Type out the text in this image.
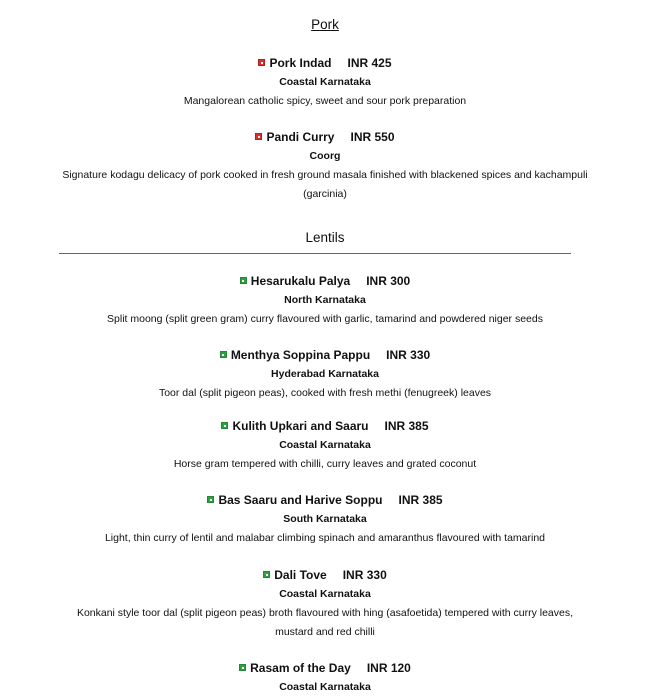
Pork
Pork Indad INR 425
Coastal Karnataka
Mangalorean catholic spicy, sweet and sour pork preparation
Pandi Curry INR 550
Coorg
Signature kodagu delicacy of pork cooked in fresh ground masala finished with blackened spices and kachampuli (garcinia)
Lentils
Hesarukalu Palya INR 300
North Karnataka
Split moong (split green gram) curry flavoured with garlic, tamarind and powdered niger seeds
Menthya Soppina Pappu INR 330
Hyderabad Karnataka
Toor dal (split pigeon peas), cooked with fresh methi (fenugreek) leaves
Kulith Upkari and Saaru INR 385
Coastal Karnataka
Horse gram tempered with chilli, curry leaves and grated coconut
Bas Saaru and Harive Soppu INR 385
South Karnataka
Light, thin curry of lentil and malabar climbing spinach and amaranthus flavoured with tamarind
Dali Tove INR 330
Coastal Karnataka
Konkani style toor dal (split pigeon peas) broth flavoured with hing (asafoetida) tempered with curry leaves, mustard and red chilli
Rasam of the Day INR 120
Coastal Karnataka
